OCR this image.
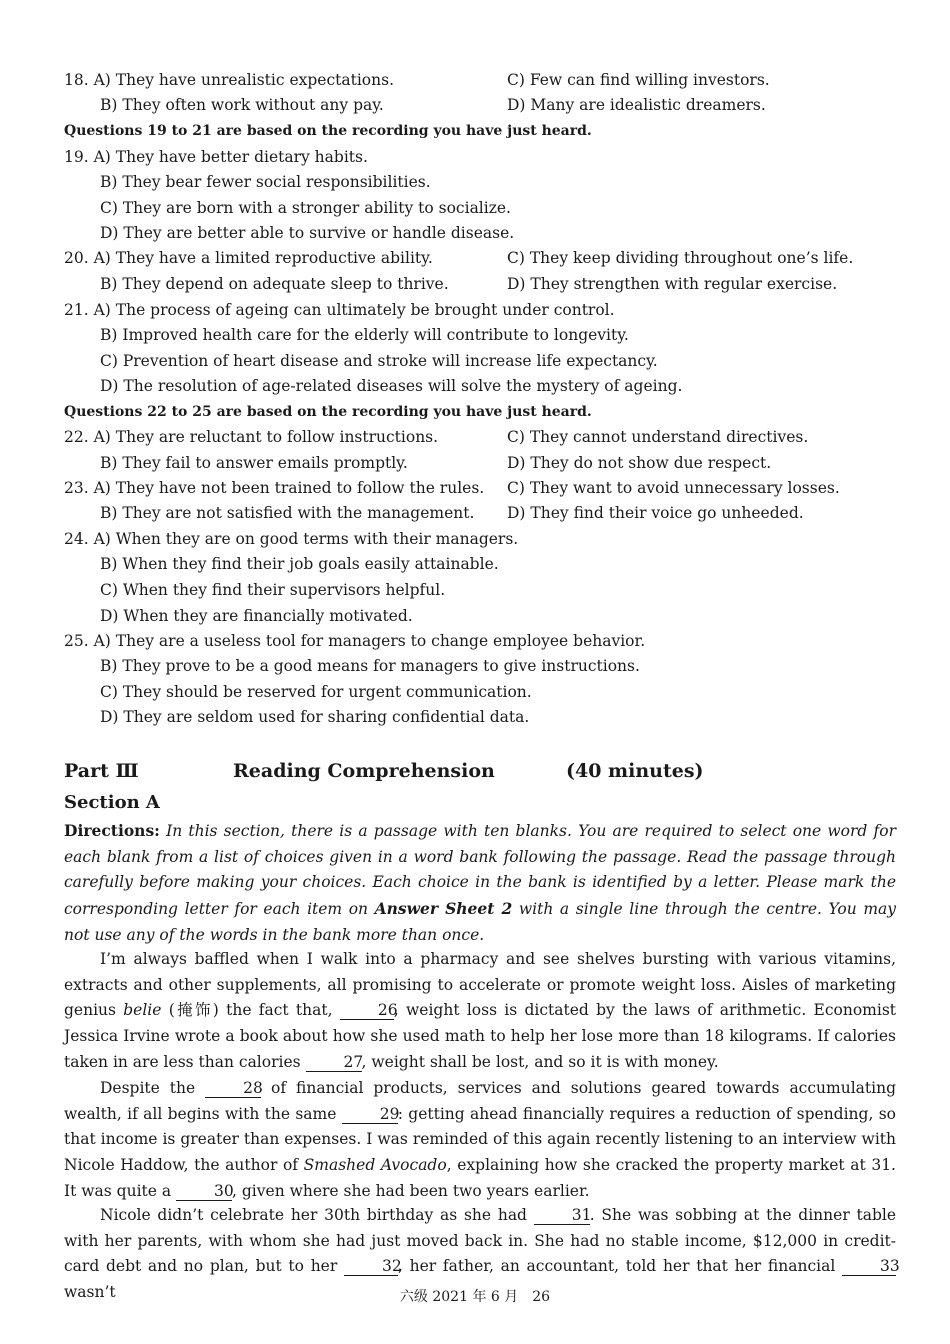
18. A) They have unrealistic expectations.	C) Few can find willing investors.
B) They often work without any pay.	D) Many are idealistic dreamers.
Questions 19 to 21 are based on the recording you have just heard.
19. A) They have better dietary habits.
B) They bear fewer social responsibilities.
C) They are born with a stronger ability to socialize.
D) They are better able to survive or handle disease.
20. A) They have a limited reproductive ability.	C) They keep dividing throughout one’s life.
B) They depend on adequate sleep to thrive.	D) They strengthen with regular exercise.
21. A) The process of ageing can ultimately be brought under control.
B) Improved health care for the elderly will contribute to longevity.
C) Prevention of heart disease and stroke will increase life expectancy.
D) The resolution of age-related diseases will solve the mystery of ageing.
Questions 22 to 25 are based on the recording you have just heard.
22. A) They are reluctant to follow instructions.	C) They cannot understand directives.
B) They fail to answer emails promptly.	D) They do not show due respect.
23. A) They have not been trained to follow the rules. C) They want to avoid unnecessary losses.
B) They are not satisfied with the management. D) They find their voice go unheeded.
24. A) When they are on good terms with their managers.
B) When they find their job goals easily attainable.
C) When they find their supervisors helpful.
D) When they are financially motivated.
25. A) They are a useless tool for managers to change employee behavior.
B) They prove to be a good means for managers to give instructions.
C) They should be reserved for urgent communication.
D) They are seldom used for sharing confidential data.
Part Ⅲ	Reading Comprehension	(40 minutes)
Section A
Directions: In this section, there is a passage with ten blanks. You are required to select one word for each blank from a list of choices given in a word bank following the passage. Read the passage through carefully before making your choices. Each choice in the bank is identified by a letter. Please mark the corresponding letter for each item on Answer Sheet 2 with a single line through the centre. You may not use any of the words in the bank more than once.
I’m always baffled when I walk into a pharmacy and see shelves bursting with various vitamins, extracts and other supplements, all promising to accelerate or promote weight loss. Aisles of marketing genius belie (掩饰) the fact that, 26, weight loss is dictated by the laws of arithmetic. Economist Jessica Irvine wrote a book about how she used math to help her lose more than 18 kilograms. If calories taken in are less than calories 27, weight shall be lost, and so it is with money.
Despite the 28 of financial products, services and solutions geared towards accumulating wealth, if all begins with the same 29: getting ahead financially requires a reduction of spending, so that income is greater than expenses. I was reminded of this again recently listening to an interview with Nicole Haddow, the author of Smashed Avocado, explaining how she cracked the property market at 31. It was quite a 30, given where she had been two years earlier.
Nicole didn’t celebrate her 30th birthday as she had 31. She was sobbing at the dinner table with her parents, with whom she had just moved back in. She had no stable income, $12,000 in credit-card debt and no plan, but to her 32, her father, an accountant, told her that her financial 33 wasn’t	六级 2021 年 6 月　26
